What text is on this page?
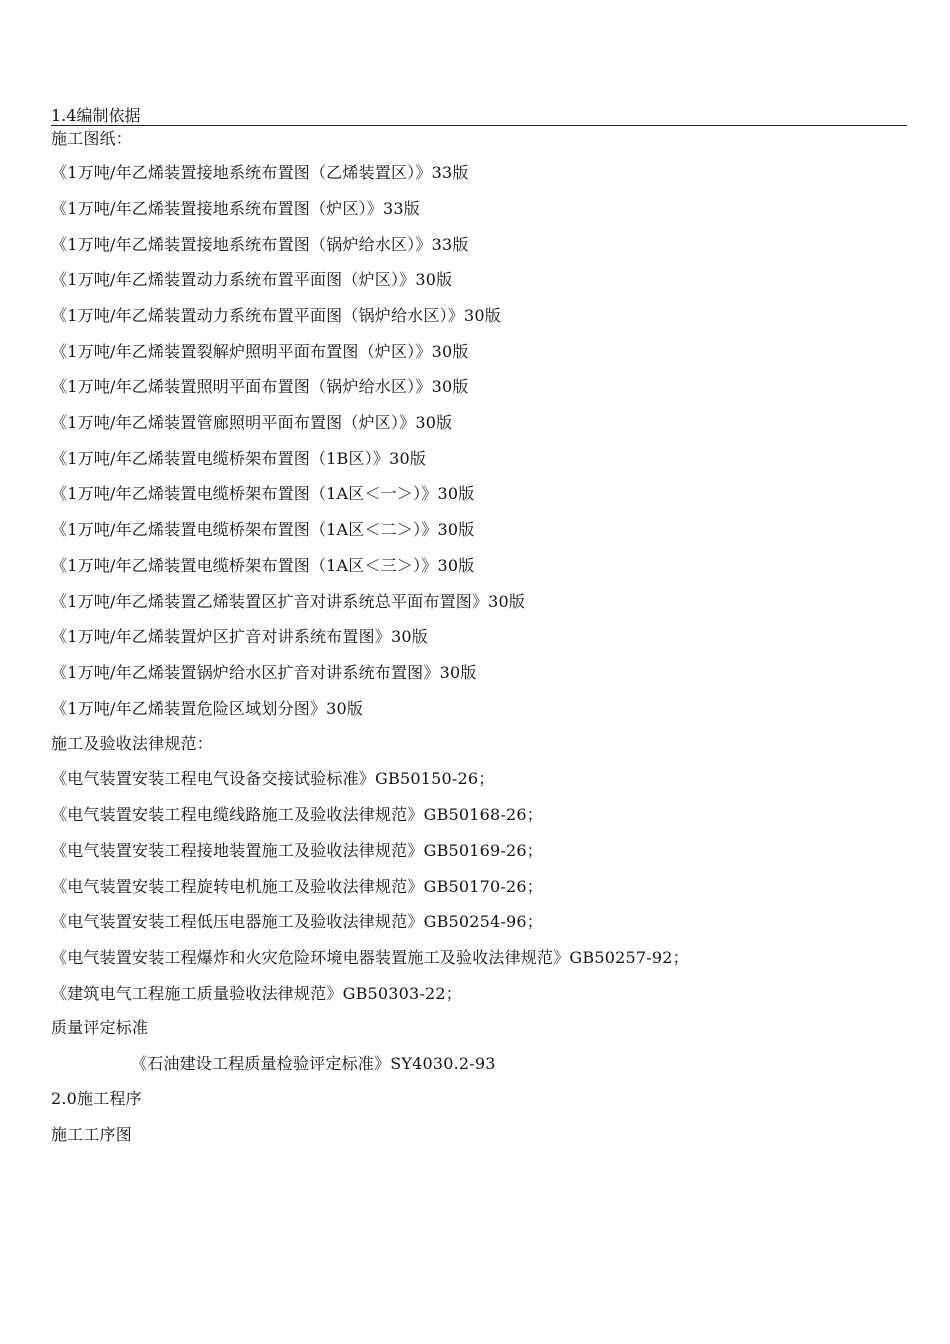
1.4编制依据
施工图纸：
《1万吨/年乙烯装置接地系统布置图（乙烯装置区）》33版
《1万吨/年乙烯装置接地系统布置图（炉区）》33版
《1万吨/年乙烯装置接地系统布置图（锅炉给水区）》33版
《1万吨/年乙烯装置动力系统布置平面图（炉区）》30版
《1万吨/年乙烯装置动力系统布置平面图（锅炉给水区）》30版
《1万吨/年乙烯装置裂解炉照明平面布置图（炉区）》30版
《1万吨/年乙烯装置照明平面布置图（锅炉给水区）》30版
《1万吨/年乙烯装置管廊照明平面布置图（炉区）》30版
《1万吨/年乙烯装置电缆桥架布置图（1B区）》30版
《1万吨/年乙烯装置电缆桥架布置图（1A区＜一＞）》30版
《1万吨/年乙烯装置电缆桥架布置图（1A区＜二＞）》30版
《1万吨/年乙烯装置电缆桥架布置图（1A区＜三＞）》30版
《1万吨/年乙烯装置乙烯装置区扩音对讲系统总平面布置图》30版
《1万吨/年乙烯装置炉区扩音对讲系统布置图》30版
《1万吨/年乙烯装置锅炉给水区扩音对讲系统布置图》30版
《1万吨/年乙烯装置危险区域划分图》30版
施工及验收法律规范：
《电气装置安装工程电气设备交接试验标准》GB50150-26；
《电气装置安装工程电缆线路施工及验收法律规范》GB50168-26；
《电气装置安装工程接地装置施工及验收法律规范》GB50169-26；
《电气装置安装工程旋转电机施工及验收法律规范》GB50170-26；
《电气装置安装工程低压电器施工及验收法律规范》GB50254-96；
《电气装置安装工程爆炸和火灾危险环境电器装置施工及验收法律规范》GB50257-92；
《建筑电气工程施工质量验收法律规范》GB50303-22；
质量评定标准
《石油建设工程质量检验评定标准》SY4030.2-93
2.0施工程序
施工工序图
